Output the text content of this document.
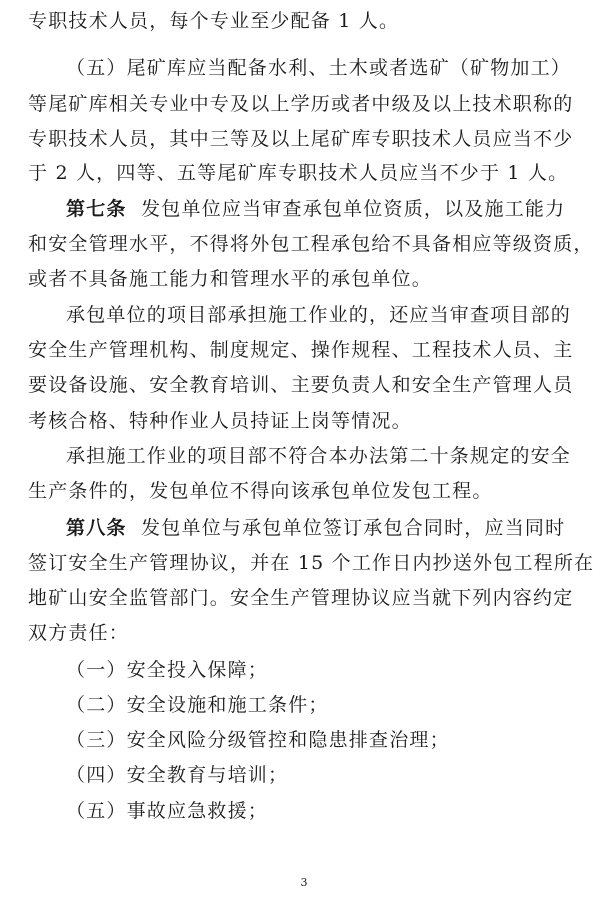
专职技术人员，每个专业至少配备 1 人。
（五）尾矿库应当配备水利、土木或者选矿（矿物加工）
等尾矿库相关专业中专及以上学历或者中级及以上技术职称的
专职技术人员，其中三等及以上尾矿库专职技术人员应当不少
于 2 人，四等、五等尾矿库专职技术人员应当不少于 1 人。
第七条 发包单位应当审查承包单位资质，以及施工能力
和安全管理水平，不得将外包工程承包给不具备相应等级资质，
或者不具备施工能力和管理水平的承包单位。
承包单位的项目部承担施工作业的，还应当审查项目部的
安全生产管理机构、制度规定、操作规程、工程技术人员、主
要设备设施、安全教育培训、主要负责人和安全生产管理人员
考核合格、特种作业人员持证上岗等情况。
承担施工作业的项目部不符合本办法第二十条规定的安全
生产条件的，发包单位不得向该承包单位发包工程。
第八条 发包单位与承包单位签订承包合同时，应当同时
签订安全生产管理协议，并在 15 个工作日内抄送外包工程所在
地矿山安全监管部门。安全生产管理协议应当就下列内容约定
双方责任：
（一）安全投入保障；
（二）安全设施和施工条件；
（三）安全风险分级管控和隐患排查治理；
（四）安全教育与培训；
（五）事故应急救援；
3
